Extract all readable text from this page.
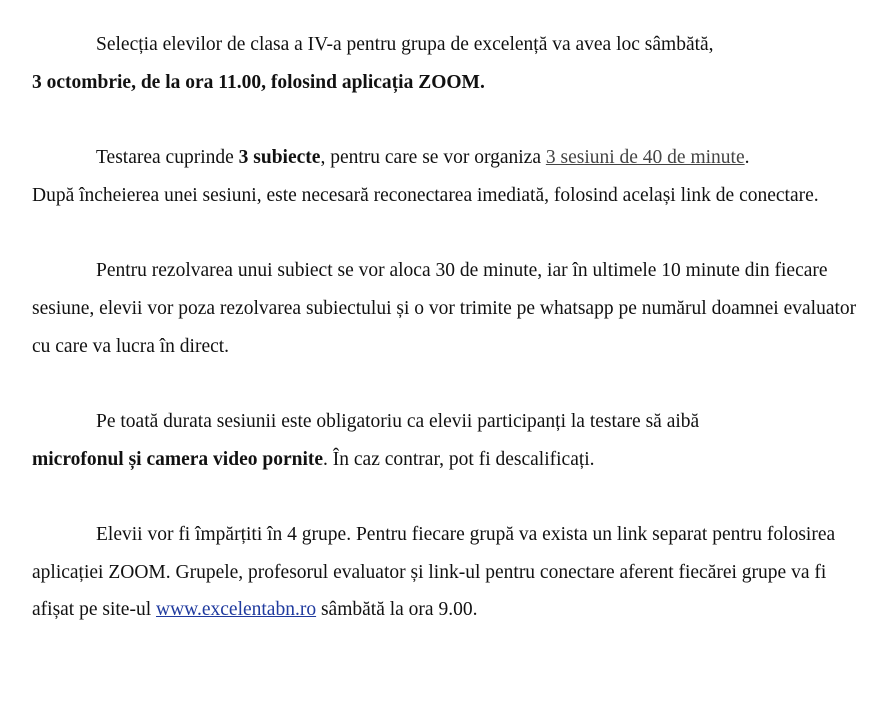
Selecția elevilor de clasa a IV-a pentru grupa de excelență va avea loc sâmbătă,
3 octombrie, de la ora 11.00, folosind aplicația ZOOM.

Testarea cuprinde 3 subiecte, pentru care se vor organiza 3 sesiuni de 40 de minute.
După încheierea unei sesiuni, este necesară reconectarea imediată, folosind același link de conectare.

Pentru rezolvarea unui subiect se vor aloca 30 de minute, iar în ultimele 10 minute din fiecare sesiune, elevii vor poza rezolvarea subiectului și o vor trimite pe whatsapp pe numărul doamnei evaluator cu care va lucra în direct.

Pe toată durata sesiunii este obligatoriu ca elevii participanți la testare să aibă
microfonul și camera video pornite. În caz contrar, pot fi descalificați.

Elevii vor fi împărțiti în 4 grupe. Pentru fiecare grupă va exista un link separat pentru folosirea aplicației ZOOM. Grupele, profesorul evaluator și link-ul pentru conectare aferent fiecărei grupe va fi afișat pe site-ul www.excelentabn.ro sâmbătă la ora 9.00.
